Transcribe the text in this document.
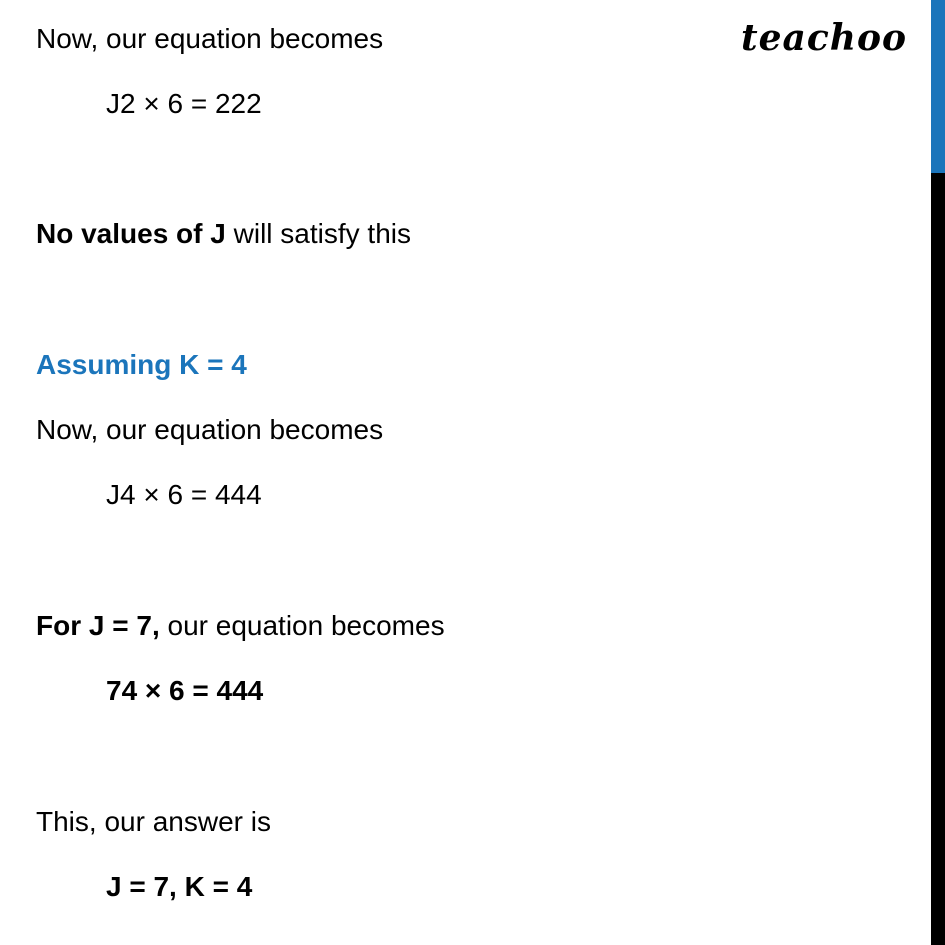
teachoo
Now, our equation becomes
J2 × 6 = 222
No values of J will satisfy this
Assuming K = 4
Now, our equation becomes
J4 × 6 = 444
For J = 7, our equation becomes
74 × 6 = 444
This, our answer is
J = 7, K = 4
